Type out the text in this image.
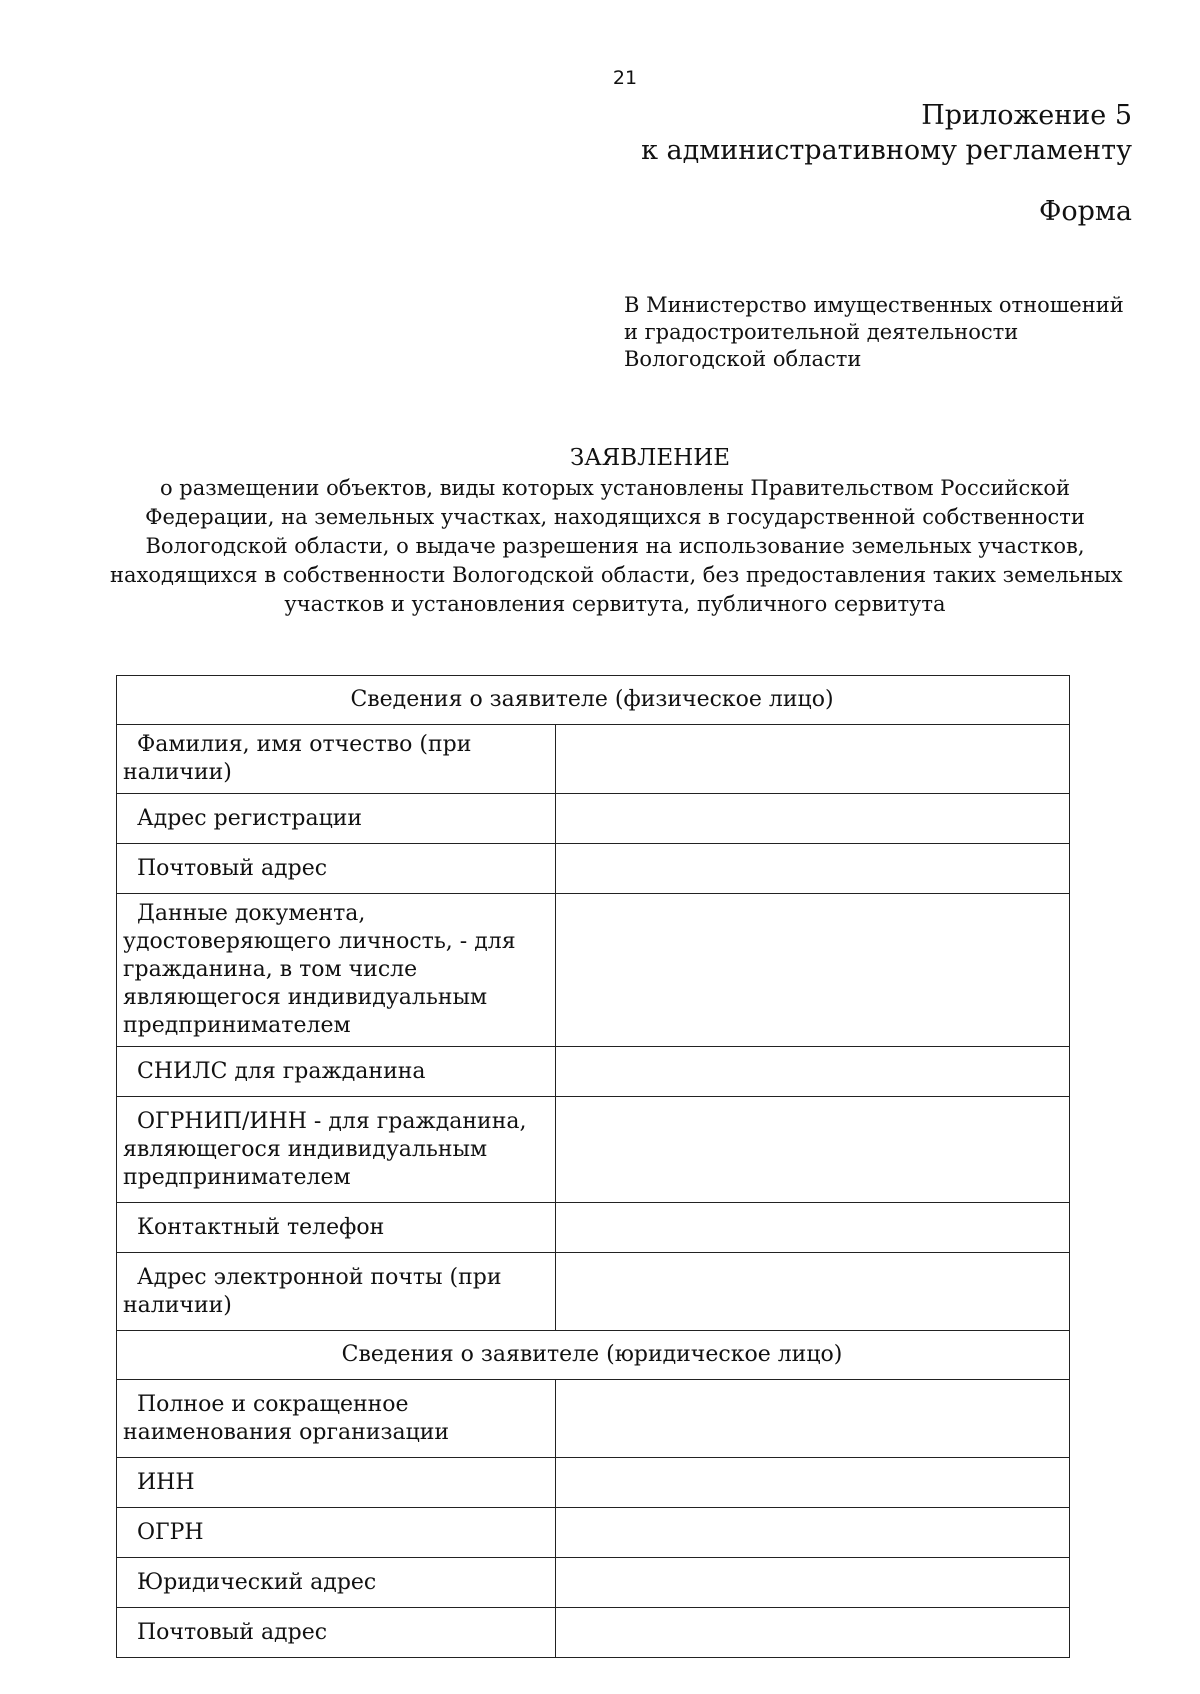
21
Приложение 5
к административному регламенту
Форма
В Министерство имущественных отношений
и градостроительной деятельности
Вологодской области
ЗАЯВЛЕНИЕ
о размещении объектов, виды которых установлены Правительством Российской
Федерации, на земельных участках, находящихся в государственной собственности
Вологодской области, о выдаче разрешения на использование земельных участков,
находящихся в собственности Вологодской области, без предоставления таких земельных
участков и установления сервитута, публичного сервитута
Сведения о заявителе (физическое лицо)	
Фамилия, имя отчество (при наличии)	
Адрес регистрации	
Почтовый адрес	
Данные документа, удостоверяющего личность, - для гражданина, в том числе являющегося индивидуальным предпринимателем	
СНИЛС для гражданина	
ОГРНИП/ИНН - для гражданина, являющегося индивидуальным предпринимателем	
Контактный телефон	
Адрес электронной почты (при наличии)	
Сведения о заявителе (юридическое лицо)	
Полное и сокращенное наименования организации	
ИНН	
ОГРН	
Юридический адрес	
Почтовый адрес	
